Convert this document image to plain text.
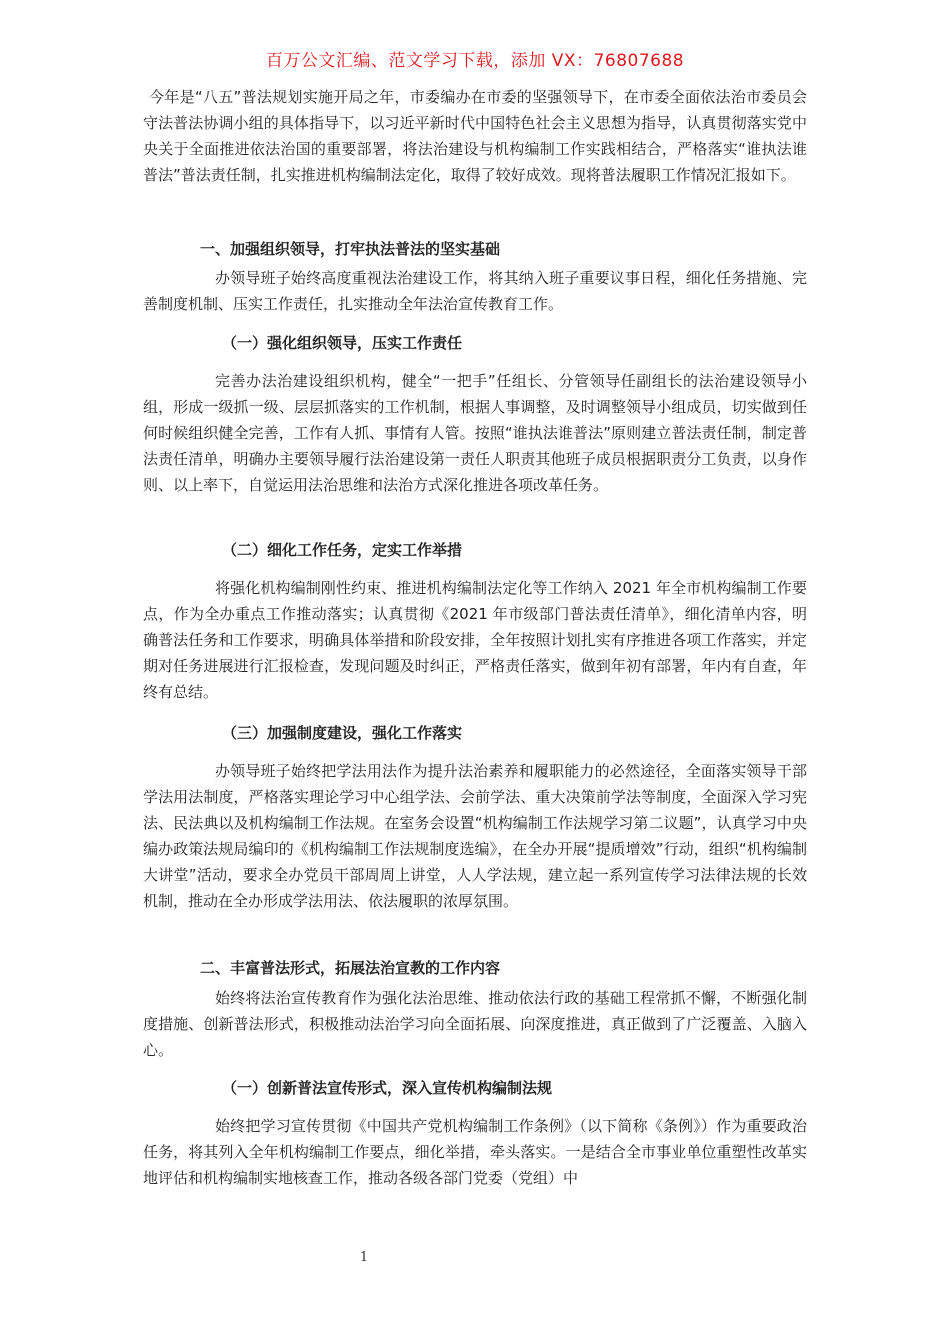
百万公文汇编、范文学习下载，添加 VX：76807688

今年是“八五”普法规划实施开局之年，市委编办在市委的坚强领导下，在市委全面依法治市委员会守法普法协调小组的具体指导下，以习近平新时代中国特色社会主义思想为指导，认真贯彻落实党中央关于全面推进依法治国的重要部署，将法治建设与机构编制工作实践相结合，严格落实“谁执法谁普法”普法责任制，扎实推进机构编制法定化，取得了较好成效。现将普法履职工作情况汇报如下。

一、加强组织领导，打牢执法普法的坚实基础

办领导班子始终高度重视法治建设工作，将其纳入班子重要议事日程，细化任务措施、完善制度机制、压实工作责任，扎实推动全年法治宣传教育工作。

（一）强化组织领导，压实工作责任

完善办法治建设组织机构，健全“一把手”任组长、分管领导任副组长的法治建设领导小组，形成一级抓一级、层层抓落实的工作机制，根据人事调整，及时调整领导小组成员，切实做到任何时候组织健全完善，工作有人抓、事情有人管。按照“谁执法谁普法”原则建立普法责任制，制定普法责任清单，明确办主要领导履行法治建设第一责任人职责其他班子成员根据职责分工负责，以身作则、以上率下，自觉运用法治思维和法治方式深化推进各项改革任务。

（二）细化工作任务，定实工作举措

将强化机构编制刚性约束、推进机构编制法定化等工作纳入 2021 年全市机构编制工作要点，作为全办重点工作推动落实；认真贯彻《2021 年市级部门普法责任清单》，细化清单内容，明确普法任务和工作要求，明确具体举措和阶段安排，全年按照计划扎实有序推进各项工作落实，并定期对任务进展进行汇报检查，发现问题及时纠正，严格责任落实，做到年初有部署，年内有自查，年终有总结。

（三）加强制度建设，强化工作落实

办领导班子始终把学法用法作为提升法治素养和履职能力的必然途径，全面落实领导干部学法用法制度，严格落实理论学习中心组学法、会前学法、重大决策前学法等制度，全面深入学习宪法、民法典以及机构编制工作法规。在室务会设置“机构编制工作法规学习第二议题”，认真学习中央编办政策法规局编印的《机构编制工作法规制度选编》，在全办开展“提质增效”行动，组织“机构编制大讲堂”活动，要求全办党员干部周周上讲堂，人人学法规，建立起一系列宣传学习法律法规的长效机制，推动在全办形成学法用法、依法履职的浓厚氛围。

二、丰富普法形式，拓展法治宣教的工作内容

始终将法治宣传教育作为强化法治思维、推动依法行政的基础工程常抓不懈，不断强化制度措施、创新普法形式，积极推动法治学习向全面拓展、向深度推进，真正做到了广泛覆盖、入脑入心。

（一）创新普法宣传形式，深入宣传机构编制法规

始终把学习宣传贯彻《中国共产党机构编制工作条例》（以下简称《条例》）作为重要政治任务，将其列入全年机构编制工作要点，细化举措，牵头落实。一是结合全市事业单位重塑性改革实地评估和机构编制实地核查工作，推动各级各部门党委（党组）中

1
